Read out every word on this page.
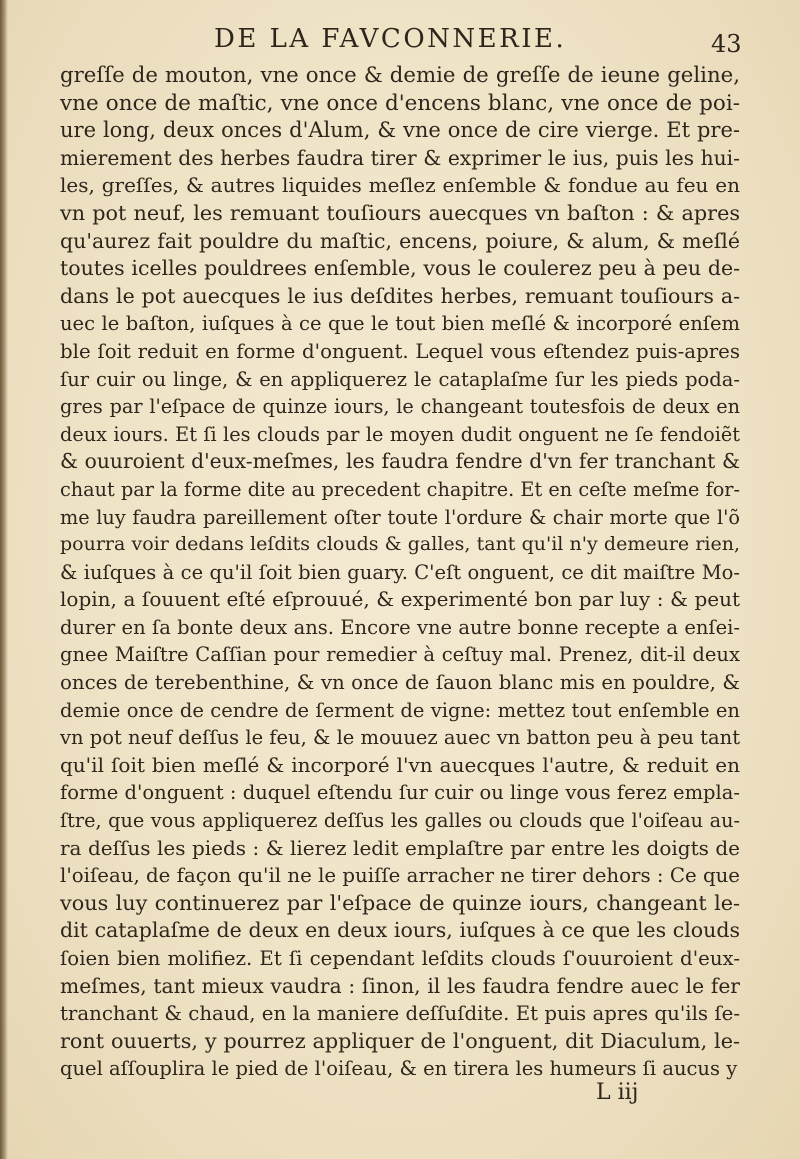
DE LA FAVCONNERIE.	43
greſſe de mouton, vne once & demie de greſſe de ieune geline,
vne once de maſtic, vne once d'encens blanc, vne once de poi-
ure long, deux onces d'Alum, & vne once de cire vierge. Et pre-
mierement des herbes faudra tirer & exprimer le ius, puis les hui-
les, greſſes, & autres liquides meſlez enſemble & fondue au feu en
vn pot neuf, les remuant touſiours auecques vn baſton : & apres
qu'aurez fait pouldre du maſtic, encens, poiure, & alum, & meſlé
toutes icelles pouldrees enſemble, vous le coulerez peu à peu de-
dans le pot auecques le ius deſdites herbes, remuant touſiours a-
uec le baſton, iuſques à ce que le tout bien meſlé & incorporé enſem
ble ſoit reduit en forme d'onguent. Lequel vous eſtendez puis-apres
ſur cuir ou linge, & en appliquerez le cataplaſme ſur les pieds poda-
gres par l'eſpace de quinze iours, le changeant toutesfois de deux en
deux iours. Et ſi les clouds par le moyen dudit onguent ne ſe fendoiẽt
& ouuroient d'eux-meſmes, les faudra fendre d'vn fer tranchant &
chaut par la forme dite au precedent chapitre. Et en ceſte meſme for-
me luy faudra pareillement oſter toute l'ordure & chair morte que l'õ
pourra voir dedans leſdits clouds & galles, tant qu'il n'y demeure rien,
& iuſques à ce qu'il ſoit bien guary. C'eſt onguent, ce dit maiſtre Mo-
lopin, a ſouuent eſté eſprouué, & experimenté bon par luy : & peut
durer en ſa bonte deux ans. Encore vne autre bonne recepte a enſei-
gnee Maiſtre Caſſian pour remedier à ceſtuy mal. Prenez, dit-il deux
onces de terebenthine, & vn once de ſauon blanc mis en pouldre, &
demie once de cendre de ſerment de vigne: mettez tout enſemble en
vn pot neuf deſſus le feu, & le mouuez auec vn batton peu à peu tant
qu'il ſoit bien meſlé & incorporé l'vn auecques l'autre, & reduit en
forme d'onguent : duquel eſtendu ſur cuir ou linge vous ferez empla-
ſtre, que vous appliquerez deſſus les galles ou clouds que l'oiſeau au-
ra deſſus les pieds : & lierez ledit emplaſtre par entre les doigts de
l'oiſeau, de façon qu'il ne le puiſſe arracher ne tirer dehors : Ce que
vous luy continuerez par l'eſpace de quinze iours, changeant le-
dit cataplaſme de deux en deux iours, iuſques à ce que les clouds
ſoien bien molifiez. Et ſi cependant leſdits clouds ſ'ouuroient d'eux-
meſmes, tant mieux vaudra : ſinon, il les faudra fendre auec le fer
tranchant & chaud, en la maniere deſſuſdite. Et puis apres qu'ils ſe-
ront ouuerts, y pourrez appliquer de l'onguent, dit Diaculum, le-
quel aſſouplira le pied de l'oiſeau, & en tirera les humeurs ſi aucus y
L iij
